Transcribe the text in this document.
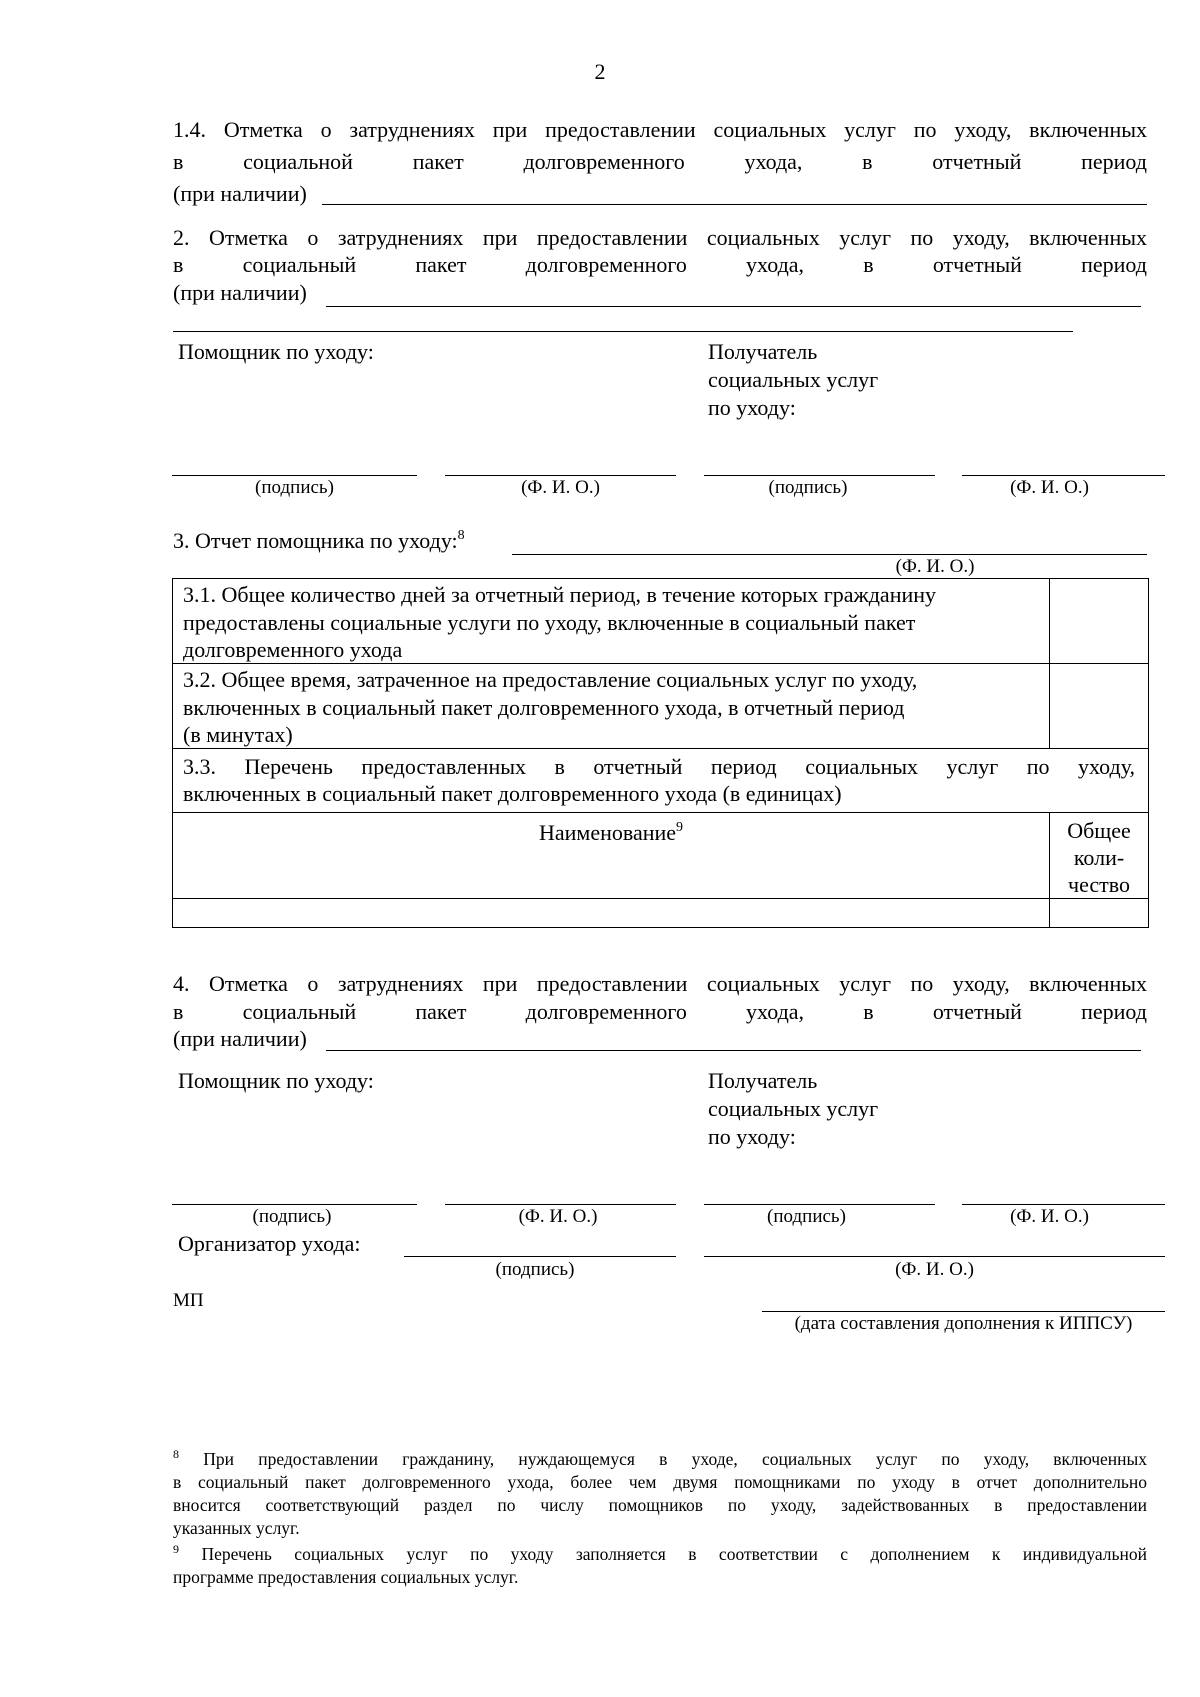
2
1.4. Отметка о затруднениях при предоставлении социальных услуг по уходу, включенных
в социальной пакет долговременного ухода, в отчетный период
(при наличии)
2. Отметка о затруднениях при предоставлении социальных услуг по уходу, включенных
в социальный пакет долговременного ухода, в отчетный период
(при наличии)
Помощник по уходу:	Получатель
социальных услуг
по уходу:
(подпись)	(Ф. И. О.)	(подпись)	(Ф. И. О.)
3. Отчет помощника по уходу:$^8$
(Ф. И. О.)
3.1. Общее количество дней за отчетный период, в течение которых гражданину
предоставлены социальные услуги по уходу, включенные в социальный пакет
долговременного ухода
3.2. Общее время, затраченное на предоставление социальных услуг по уходу,
включенных в социальный пакет долговременного ухода, в отчетный период
(в минутах)
3.3. Перечень предоставленных в отчетный период социальных услуг по уходу,
включенных в социальный пакет долговременного ухода (в единицах)
Наименование$^9$	Общее
коли-
чество
4. Отметка о затруднениях при предоставлении социальных услуг по уходу, включенных
в социальный пакет долговременного ухода, в отчетный период
(при наличии)
Помощник по уходу:	Получатель
социальных услуг
по уходу:
(подпись)	(Ф. И. О.)	(подпись)	(Ф. И. О.)
Организатор ухода:
(подпись)	(Ф. И. О.)
МП
(дата составления дополнения к ИППСУ)
$^8$ При предоставлении гражданину, нуждающемуся в уходе, социальных услуг по уходу, включенных
в социальный пакет долговременного ухода, более чем двумя помощниками по уходу в отчет дополнительно
вносится соответствующий раздел по числу помощников по уходу, задействованных в предоставлении
указанных услуг.
$^9$ Перечень социальных услуг по уходу заполняется в соответствии с дополнением к индивидуальной
программе предоставления социальных услуг.
